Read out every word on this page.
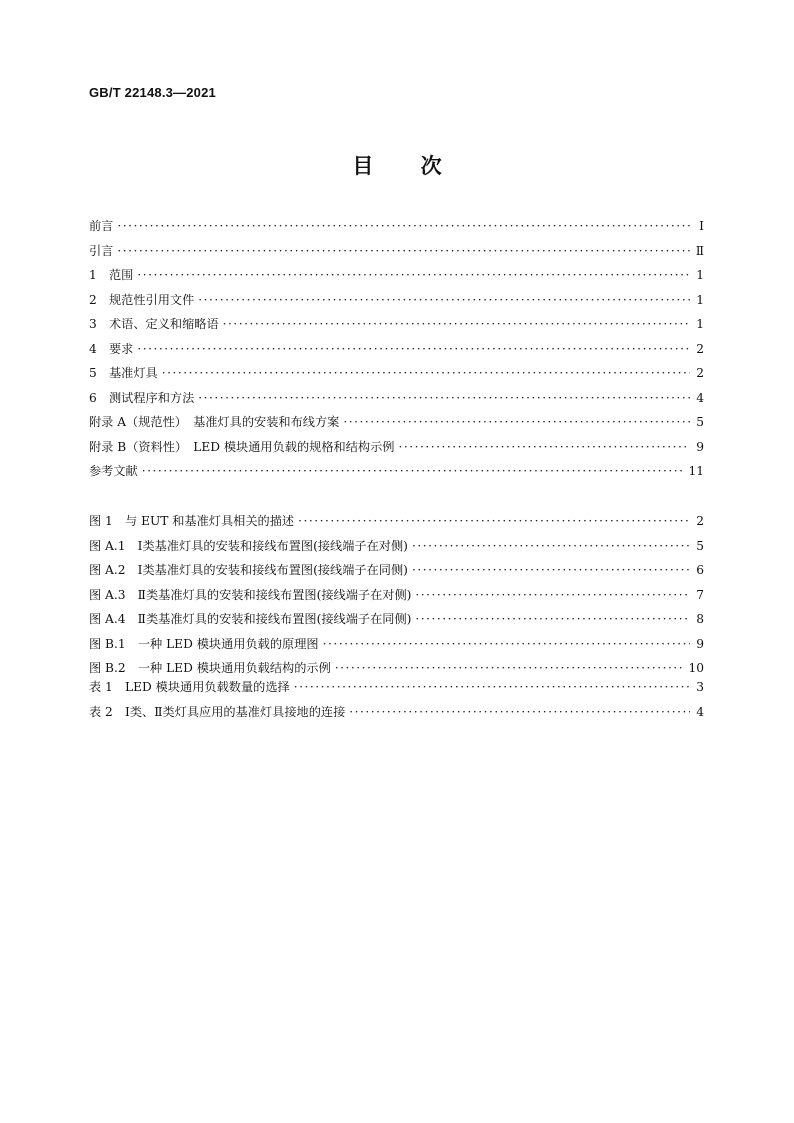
GB/T 22148.3—2021
目 次
前言 ·····	Ⅰ
引言 ·····	Ⅱ
1　范围 ·····	1
2　规范性引用文件 ·····	1
3　术语、定义和缩略语 ·····	1
4　要求 ·····	2
5　基准灯具 ·····	2
6　测试程序和方法 ·····	4
附录 A（规范性）　基准灯具的安装和布线方案 ·····	5
附录 B（资料性）　LED 模块通用负载的规格和结构示例 ·····	9
参考文献 ·····	11
图 1　与 EUT 和基准灯具相关的描述 ·····	2
图 A.1　Ⅰ类基准灯具的安装和接线布置图(接线端子在对侧) ·····	5
图 A.2　Ⅰ类基准灯具的安装和接线布置图(接线端子在同侧) ·····	6
图 A.3　Ⅱ类基准灯具的安装和接线布置图(接线端子在对侧) ·····	7
图 A.4　Ⅱ类基准灯具的安装和接线布置图(接线端子在同侧) ·····	8
图 B.1　一种 LED 模块通用负载的原理图 ·····	9
图 B.2　一种 LED 模块通用负载结构的示例 ·····	10
表 1　LED 模块通用负载数量的选择 ·····	3
表 2　Ⅰ类、Ⅱ类灯具应用的基准灯具接地的连接 ·····	4
